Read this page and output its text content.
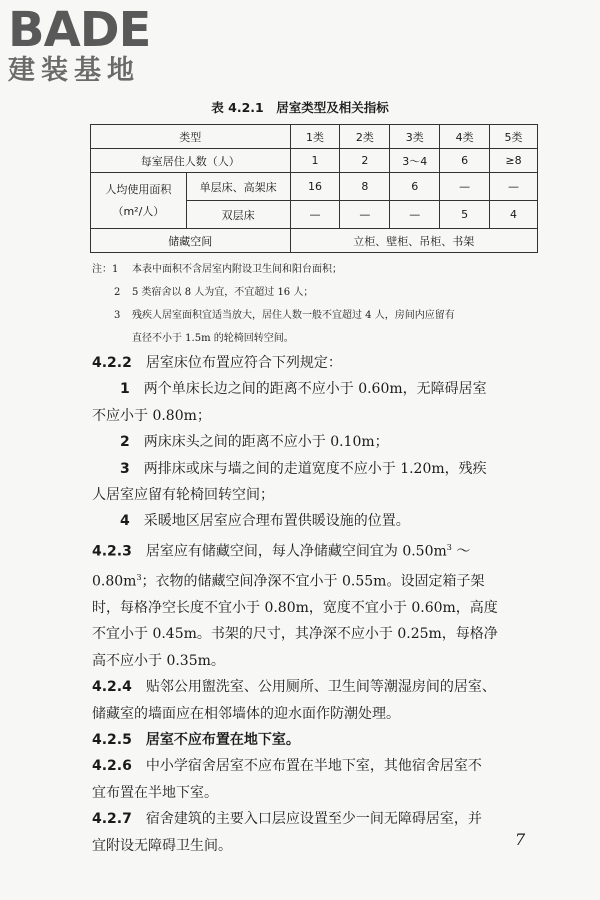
BADE
建装基地
表 4.2.1　居室类型及相关指标
类型		1类	2类	3类	4类	5类
每室居住人数（人）		1	2	3～4	6	≥8

人均使用面积
（m²/人）	单层床、高架床	16	8	6	—	—
	双层床	—	—	—	5	4
储藏空间		立柜、壁柜、吊柜、书架				
注：1	本表中面积不含居室内附设卫生间和阳台面积；
2	5 类宿舍以 8 人为宜，不宜超过 16 人；
3	残疾人居室面积宜适当放大，居住人数一般不宜超过 4 人，房间内应留有
直径不小于 1.5m 的轮椅回转空间。

4.2.2　 居室床位布置应符合下列规定：

1　 两个单床长边之间的距离不应小于 0.60m，无障碍居室

不应小于 0.80m；

2　 两床床头之间的距离不应小于 0.10m；

3　 两排床或床与墙之间的走道宽度不应小于 1.20m，残疾

人居室应留有轮椅回转空间；

4　 采暖地区居室应合理布置供暖设施的位置。

4.2.3　 居室应有储藏空间，每人净储藏空间宜为 $0.50m^3$ ～

$0.80m^3$；衣物的储藏空间净深不宜小于 0.55m。设固定箱子架

时，每格净空长度不宜小于 0.80m，宽度不宜小于 0.60m，高度

不宜小于 0.45m。书架的尺寸，其净深不应小于 0.25m，每格净

高不应小于 0.35m。

4.2.4　 贴邻公用盥洗室、公用厕所、卫生间等潮湿房间的居室、

储藏室的墙面应在相邻墙体的迎水面作防潮处理。

4.2.5　 居室不应布置在地下室。

4.2.6　 中小学宿舍居室不应布置在半地下室，其他宿舍居室不

宜布置在半地下室。

4.2.7　 宿舍建筑的主要入口层应设置至少一间无障碍居室，并

宜附设无障碍卫生间。	7
